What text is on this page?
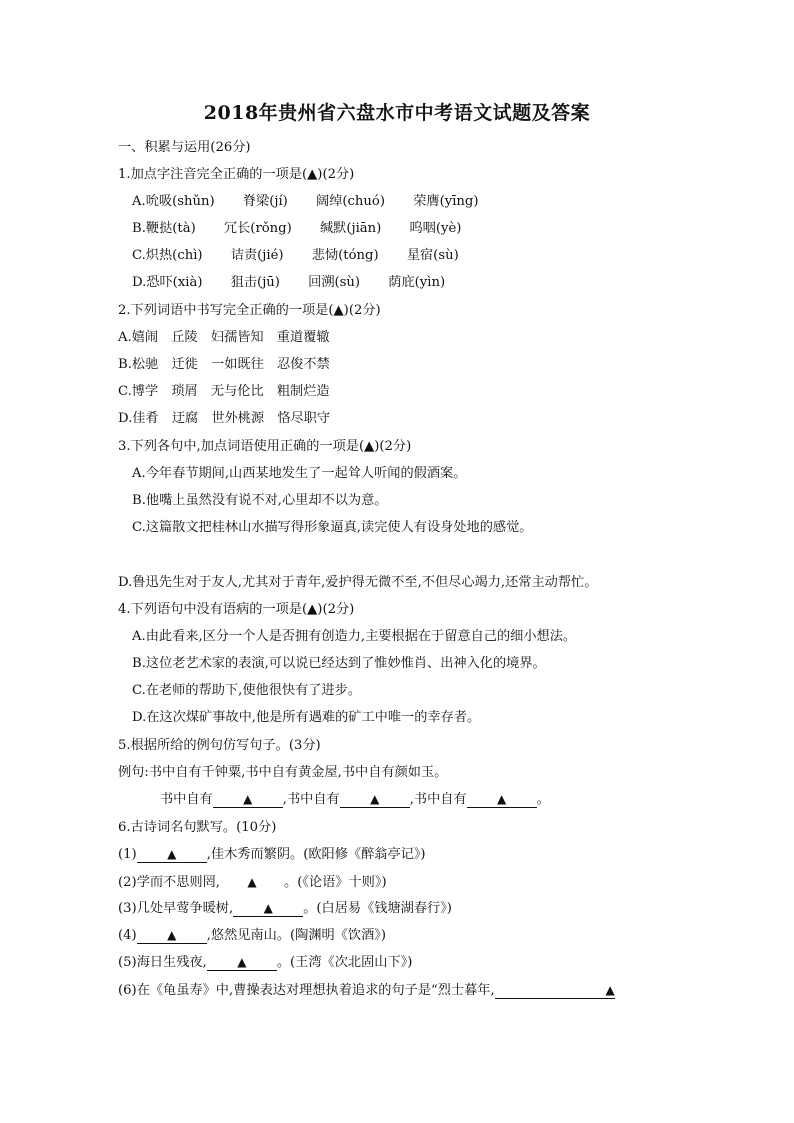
2018年贵州省六盘水市中考语文试题及答案
一、积累与运用(26分)
1.加点字注音完全正确的一项是(▲)(2分)
A.吮吸(shǔn) 脊梁(jí) 阔绰(chuó) 荣膺(yīng)
B.鞭挞(tà) 冗长(rǒng) 缄默(jiān) 呜咽(yè)
C.炽热(chì) 诘责(jié) 悲恸(tóng) 星宿(sù)
D.恐吓(xià) 狙击(jū) 回溯(sù) 荫庇(yìn)
2.下列词语中书写完全正确的一项是(▲)(2分)
A.嬉闹　丘陵　妇孺皆知　重道覆辙
B.松驰　迁徙　一如既往　忍俊不禁
C.博学　琐屑　无与伦比　粗制烂造
D.佳肴　迂腐　世外桃源　恪尽职守
3.下列各句中,加点词语使用正确的一项是(▲)(2分)
A.今年春节期间,山西某地发生了一起耸人听闻的假酒案。
B.他嘴上虽然没有说不对,心里却不以为意。
C.这篇散文把桂林山水描写得形象逼真,读完使人有设身处地的感觉。
D.鲁迅先生对于友人,尤其对于青年,爱护得无微不至,不但尽心竭力,还常主动帮忙。
4.下列语句中没有语病的一项是(▲)(2分)
A.由此看来,区分一个人是否拥有创造力,主要根据在于留意自己的细小想法。
B.这位老艺术家的表演,可以说已经达到了惟妙惟肖、出神入化的境界。
C.在老师的帮助下,使他很快有了进步。
D.在这次煤矿事故中,他是所有遇难的矿工中唯一的幸存者。
5.根据所给的例句仿写句子。(3分)
例句:书中自有千钟粟,书中自有黄金屋,书中自有颜如玉。
书中自有	▲ ,书中自有	▲ ,书中自有	▲ 。
6.古诗词名句默写。(10分)
(1)	▲ ,佳木秀而繁阴。(欧阳修《醉翁亭记》)
(2)学而不思则罔, ▲ 。(《论语》十则》)
(3)几处早莺争暖树,	▲ 。(白居易《钱塘湖春行》)
(4)	▲ ,悠然见南山。(陶渊明《饮酒》)
(5)海日生残夜,	▲ 。(王湾《次北固山下》)
(6)在《龟虽寿》中,曹操表达对理想执着追求的句子是“烈士暮年,	▲
